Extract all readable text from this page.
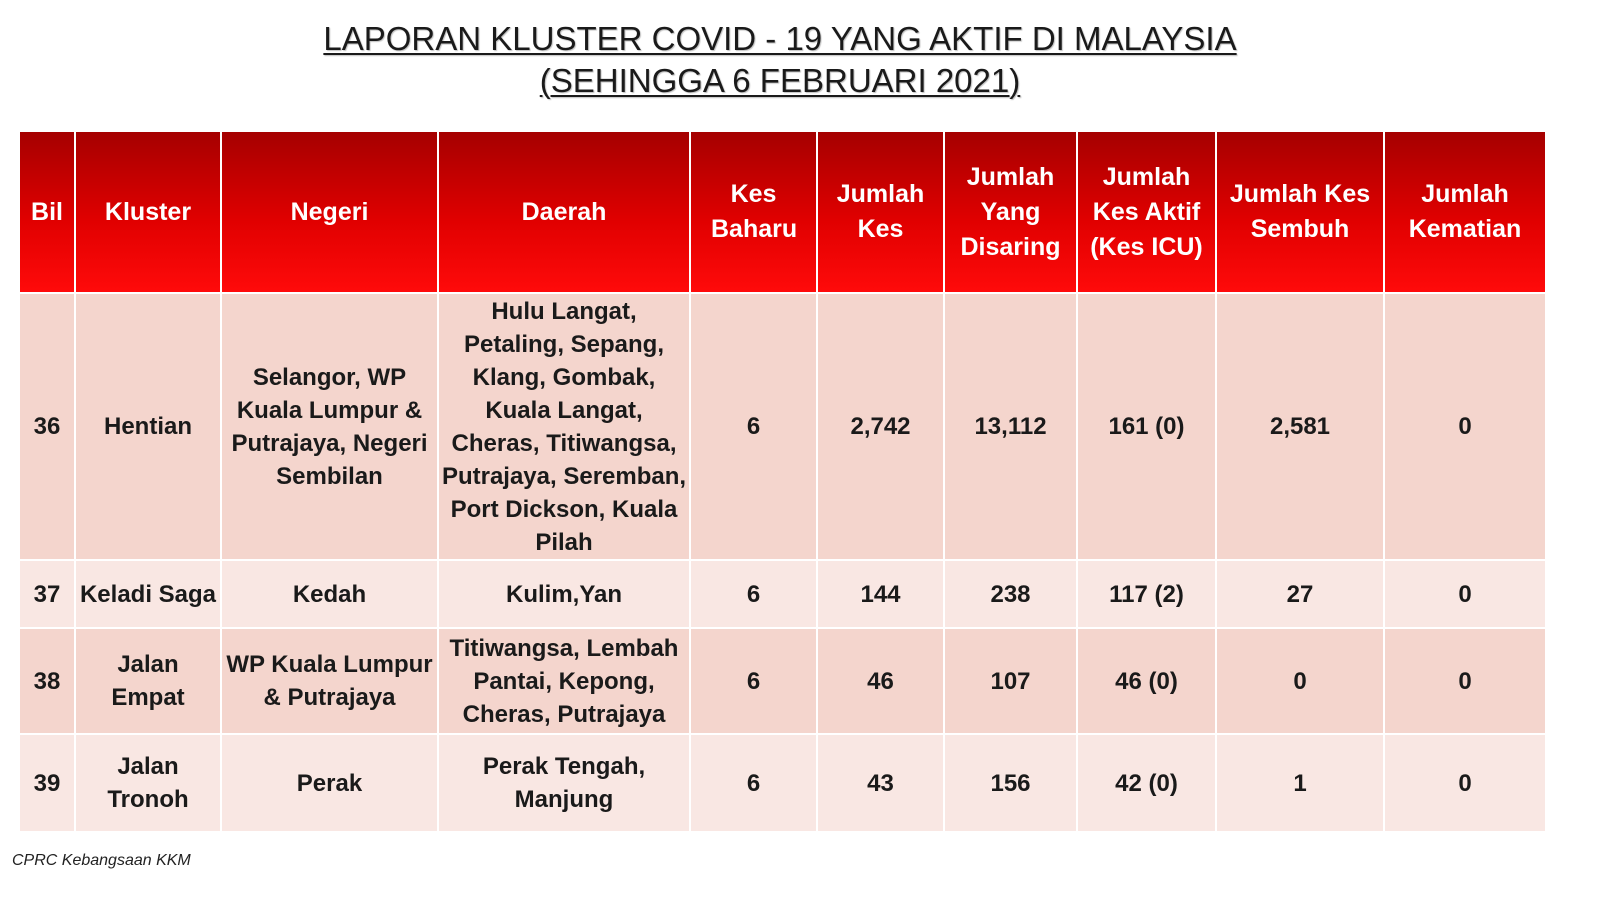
LAPORAN KLUSTER COVID - 19 YANG AKTIF DI MALAYSIA
(SEHINGGA 6 FEBRUARI 2021)
Bil	Kluster	Negeri	Daerah	Kes Baharu	Jumlah Kes	Jumlah Yang Disaring	Jumlah Kes Aktif (Kes ICU)	Jumlah Kes Sembuh	Jumlah Kematian
36	Hentian	Selangor, WP Kuala Lumpur & Putrajaya, Negeri Sembilan	Hulu Langat, Petaling, Sepang, Klang, Gombak, Kuala Langat, Cheras, Titiwangsa, Putrajaya, Seremban, Port Dickson, Kuala Pilah	6	2,742	13,112	161 (0)	2,581	0
37	Keladi Saga	Kedah	Kulim,Yan	6	144	238	117 (2)	27	0
38	Jalan Empat	WP Kuala Lumpur & Putrajaya	Titiwangsa, Lembah Pantai, Kepong, Cheras, Putrajaya	6	46	107	46 (0)	0	0
39	Jalan Tronoh	Perak	Perak Tengah, Manjung	6	43	156	42 (0)	1	0
CPRC Kebangsaan KKM
